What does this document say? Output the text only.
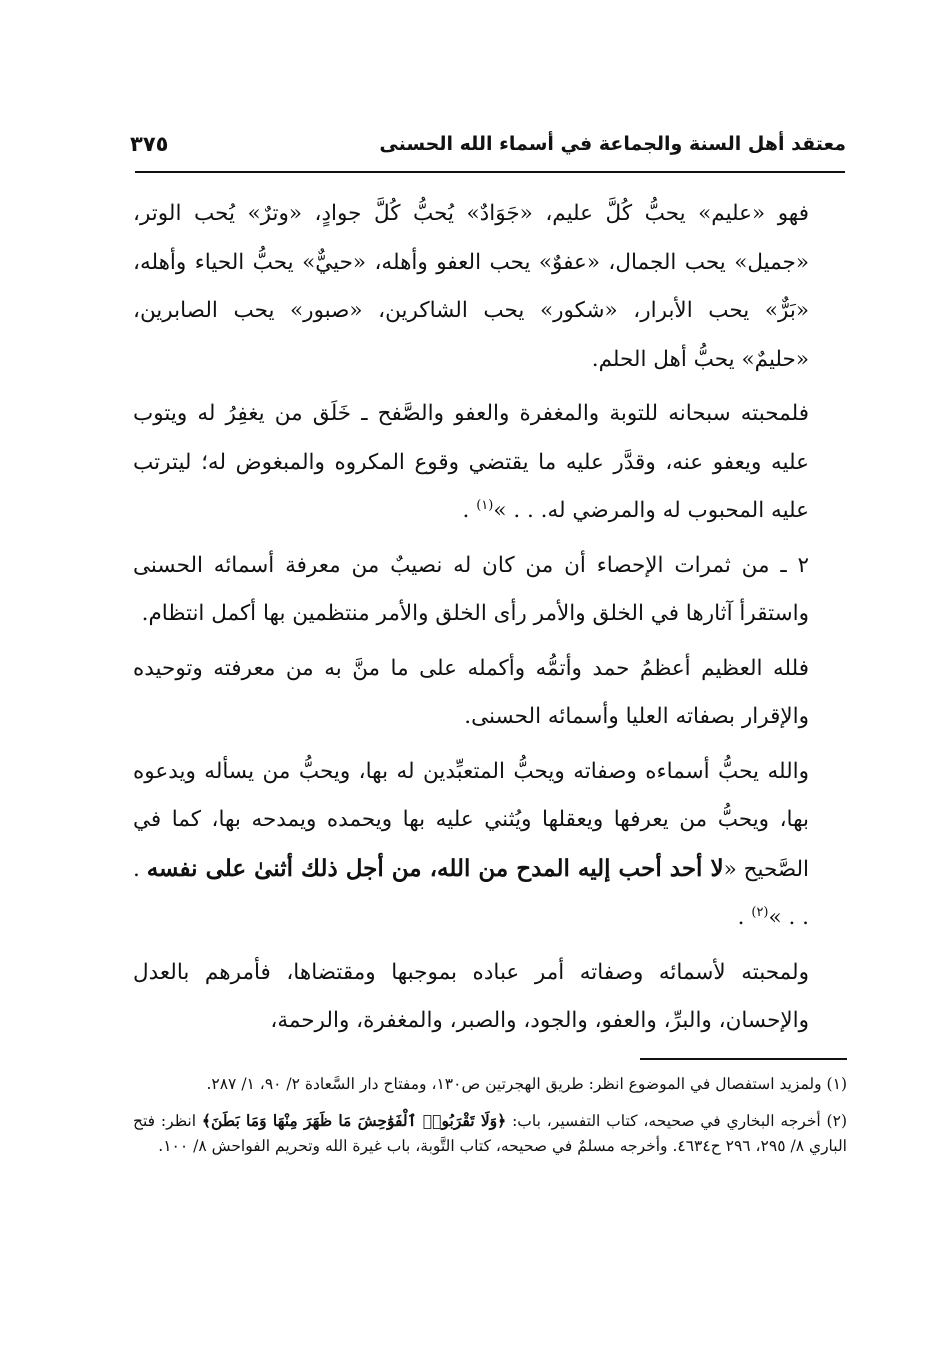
معتقد أهل السنة والجماعة في أسماء الله الحسنى
٣٧٥

فهو «عليم» يحبُّ كُلَّ عليم، «جَوَادٌ» يُحبُّ كُلَّ جوادٍ، «وترٌ» يُحب الوتر، «جميل» يحب الجمال، «عفوٌ» يحب العفو وأهله، «حييٌّ» يحبُّ الحياء وأهله، «بَرٌّ» يحب الأبرار، «شكور» يحب الشاكرين، «صبور» يحب الصابرين، «حليمٌ» يحبُّ أهل الحلم.

فلمحبته سبحانه للتوبة والمغفرة والعفو والصَّفح ـ خَلَق من يغفِرُ له ويتوب عليه ويعفو عنه، وقدَّر عليه ما يقتضي وقوع المكروه والمبغوض له؛ ليترتب عليه المحبوب له والمرضي له. . . »$^{(١)}$ .

٢ ـ من ثمرات الإحصاء أن من كان له نصيبٌ من معرفة أسمائه الحسنى واستقرأ آثارها في الخلق والأمر رأى الخلق والأمر منتظمين بها أكمل انتظام.

فلله العظيم أعظمُ حمد وأتمُّه وأكمله على ما منَّ به من معرفته وتوحيده والإقرار بصفاته العليا وأسمائه الحسنى.

والله يحبُّ أسماءه وصفاته ويحبُّ المتعبِّدين له بها، ويحبُّ من يسأله ويدعوه بها، ويحبُّ من يعرفها ويعقلها ويُثني عليه بها ويحمده ويمدحه بها، كما في الصَّحيح «لا أحد أحب إليه المدح من الله، من أجل ذلك أثنىٰ على نفسه . . . »$^{(٢)}$ .

ولمحبته لأسمائه وصفاته أمر عباده بموجبها ومقتضاها، فأمرهم بالعدل والإحسان، والبرِّ، والعفو، والجود، والصبر، والمغفرة، والرحمة،

(١) ولمزيد استفصال في الموضوع انظر: طريق الهجرتين ص١٣٠، ومفتاح دار السَّعادة ٢/ ٩٠، ١/ ٢٨٧.

(٢) أخرجه البخاري في صحيحه، كتاب التفسير، باب: ﴿وَلَا تَقْرَبُوا۟ ٱلْفَوَٰحِشَ مَا ظَهَرَ مِنْهَا وَمَا بَطَنَ﴾ انظر: فتح الباري ٨/ ٢٩٥، ٢٩٦ ح٤٦٣٤. وأخرجه مسلمٌ في صحيحه، كتاب التَّوبة، باب غيرة الله وتحريم الفواحش ٨/ ١٠٠.
